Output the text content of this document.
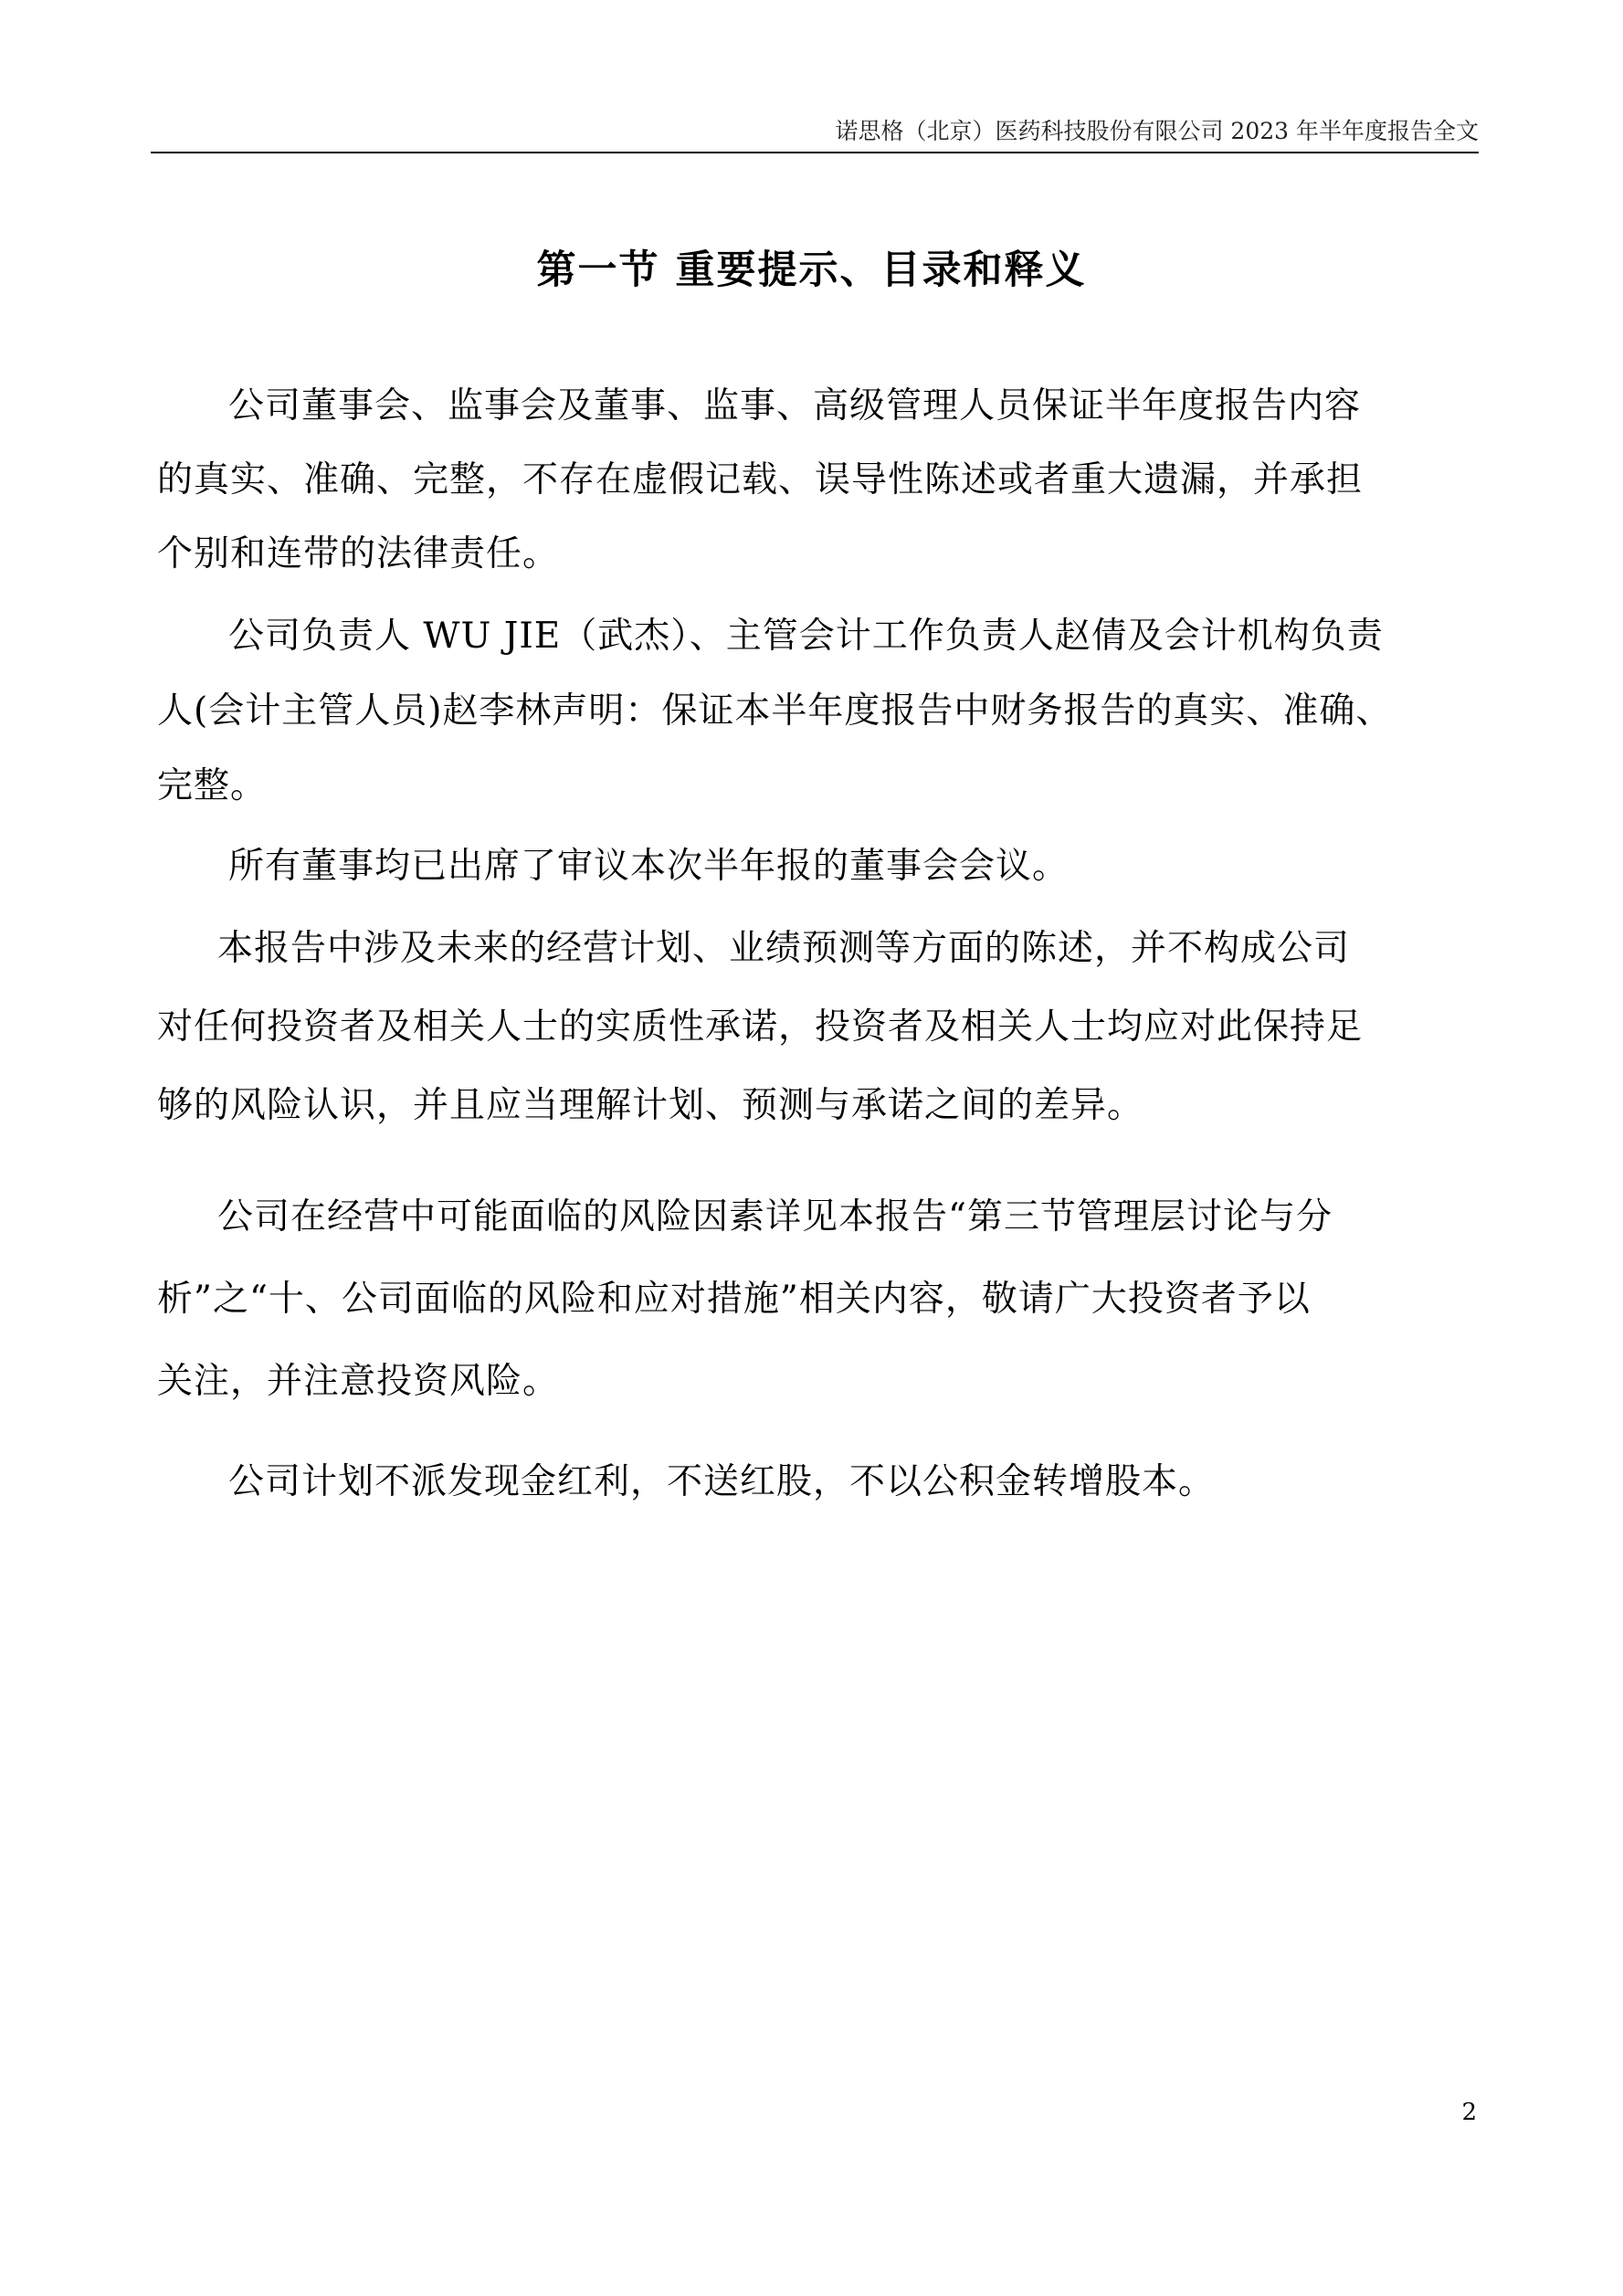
诺思格（北京）医药科技股份有限公司 2023 年半年度报告全文
第一节 重要提示、目录和释义
公司董事会、监事会及董事、监事、高级管理人员保证半年度报告内容
的真实、准确、完整，不存在虚假记载、误导性陈述或者重大遗漏，并承担
个别和连带的法律责任。
公司负责人 WU JIE（武杰）、主管会计工作负责人赵倩及会计机构负责
人(会计主管人员)赵李林声明：保证本半年度报告中财务报告的真实、准确、
完整。
所有董事均已出席了审议本次半年报的董事会会议。
本报告中涉及未来的经营计划、业绩预测等方面的陈述，并不构成公司
对任何投资者及相关人士的实质性承诺，投资者及相关人士均应对此保持足
够的风险认识，并且应当理解计划、预测与承诺之间的差异。
公司在经营中可能面临的风险因素详见本报告“第三节管理层讨论与分
析”之“十、公司面临的风险和应对措施”相关内容，敬请广大投资者予以
关注，并注意投资风险。
公司计划不派发现金红利，不送红股，不以公积金转增股本。
2
